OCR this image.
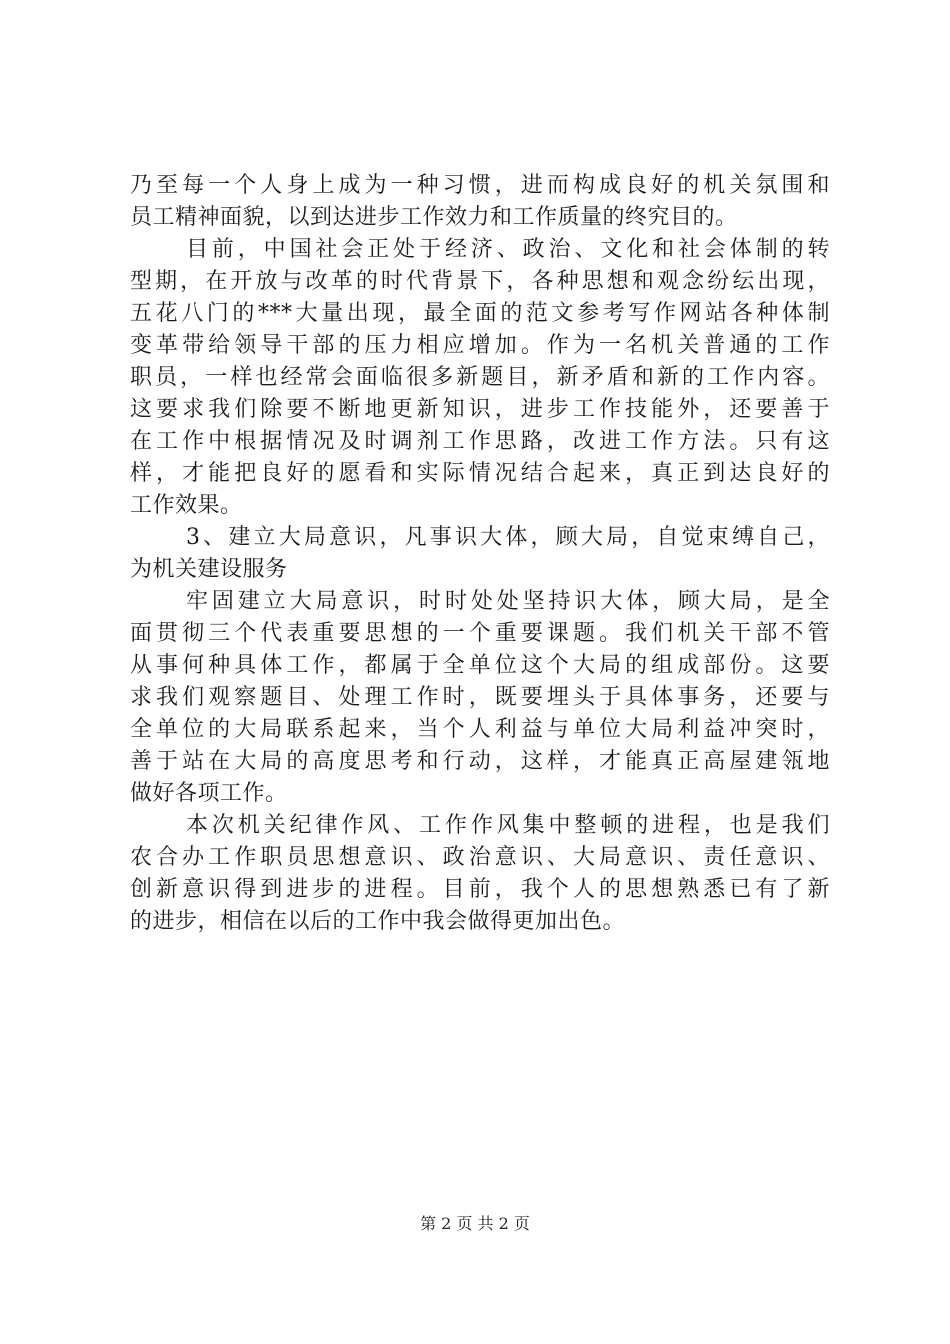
乃至每一个人身上成为一种习惯，进而构成良好的机关氛围和
员工精神面貌，以到达进步工作效力和工作质量的终究目的。

目前，中国社会正处于经济、政治、文化和社会体制的转
型期，在开放与改革的时代背景下，各种思想和观念纷纭出现，
五花八门的***大量出现，最全面的范文参考写作网站各种体制
变革带给领导干部的压力相应增加。作为一名机关普通的工作
职员，一样也经常会面临很多新题目，新矛盾和新的工作内容。
这要求我们除要不断地更新知识，进步工作技能外，还要善于
在工作中根据情况及时调剂工作思路，改进工作方法。只有这
样，才能把良好的愿看和实际情况结合起来，真正到达良好的
工作效果。

3、建立大局意识，凡事识大体，顾大局，自觉束缚自己，
为机关建设服务

牢固建立大局意识，时时处处坚持识大体，顾大局，是全
面贯彻三个代表重要思想的一个重要课题。我们机关干部不管
从事何种具体工作，都属于全单位这个大局的组成部份。这要
求我们观察题目、处理工作时，既要埋头于具体事务，还要与
全单位的大局联系起来，当个人利益与单位大局利益冲突时，
善于站在大局的高度思考和行动，这样，才能真正高屋建瓴地
做好各项工作。

本次机关纪律作风、工作作风集中整顿的进程，也是我们
农合办工作职员思想意识、政治意识、大局意识、责任意识、
创新意识得到进步的进程。目前，我个人的思想熟悉已有了新
的进步，相信在以后的工作中我会做得更加出色。

第 2 页 共 2 页
